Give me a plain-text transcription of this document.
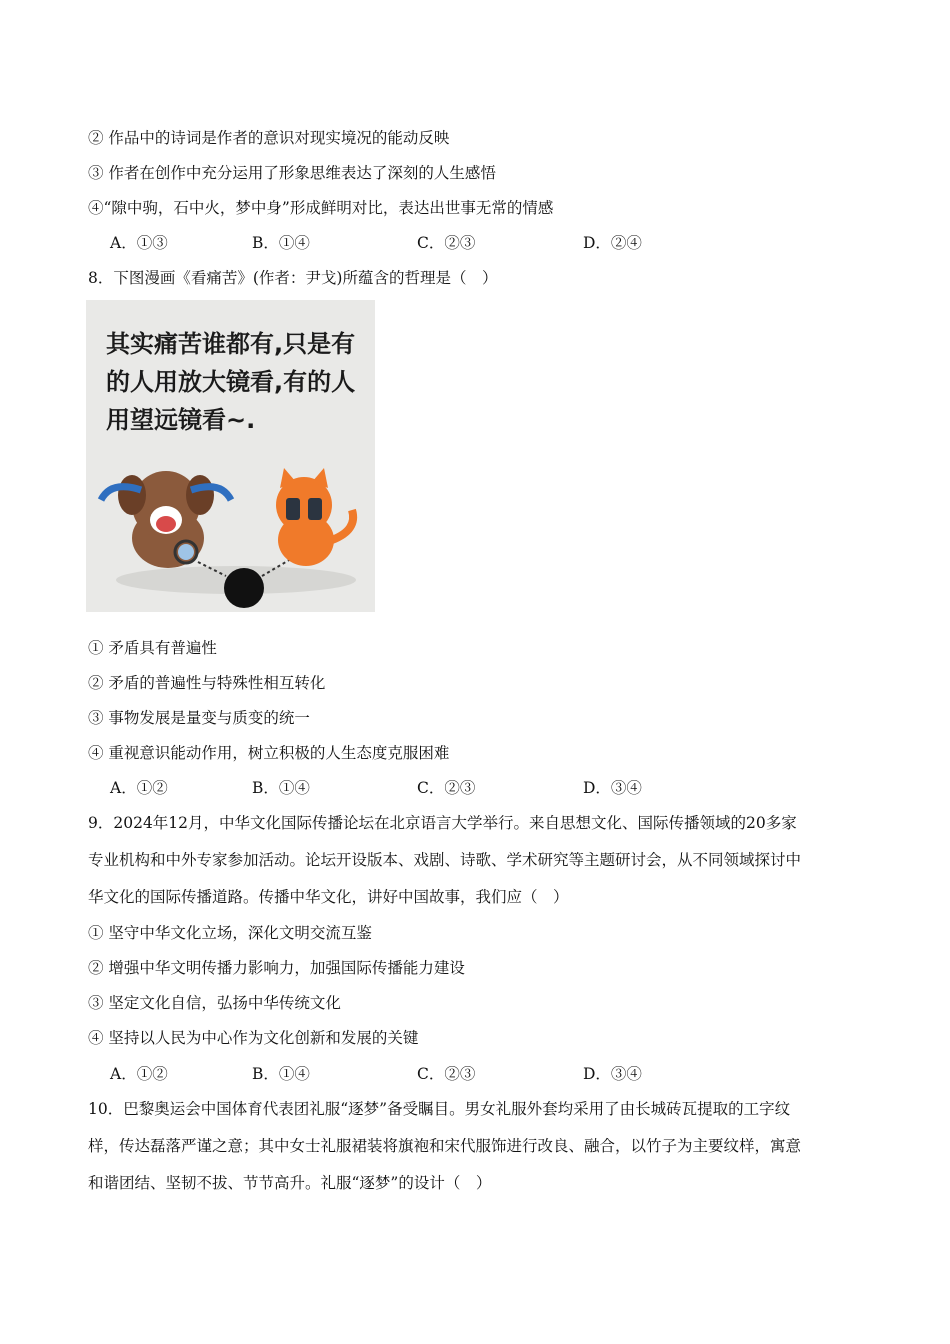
② 作品中的诗词是作者的意识对现实境况的能动反映
③ 作者在创作中充分运用了形象思维表达了深刻的人生感悟
④“隙中驹，石中火，梦中身”形成鲜明对比，表达出世事无常的情感
A．①③	B．①④	C．②③	D．②④
8．下图漫画《看痛苦》(作者：尹戈)所蕴含的哲理是（　）
其实痛苦谁都有,只是有
的人用放大镜看,有的人
用望远镜看~.
① 矛盾具有普遍性
② 矛盾的普遍性与特殊性相互转化
③ 事物发展是量变与质变的统一
④ 重视意识能动作用，树立积极的人生态度克服困难
A．①②	B．①④	C．②③	D．③④
9．2024年12月，中华文化国际传播论坛在北京语言大学举行。来自思想文化、国际传播领域的20多家
专业机构和中外专家参加活动。论坛开设版本、戏剧、诗歌、学术研究等主题研讨会，从不同领域探讨中
华文化的国际传播道路。传播中华文化，讲好中国故事，我们应（　）
① 坚守中华文化立场，深化文明交流互鉴
② 增强中华文明传播力影响力，加强国际传播能力建设
③ 坚定文化自信，弘扬中华传统文化
④ 坚持以人民为中心作为文化创新和发展的关键
A．①②	B．①④	C．②③	D．③④
10．巴黎奥运会中国体育代表团礼服“逐梦”备受瞩目。男女礼服外套均采用了由长城砖瓦提取的工字纹
样，传达磊落严谨之意；其中女士礼服裙装将旗袍和宋代服饰进行改良、融合，以竹子为主要纹样，寓意
和谐团结、坚韧不拔、节节高升。礼服“逐梦”的设计（　）
